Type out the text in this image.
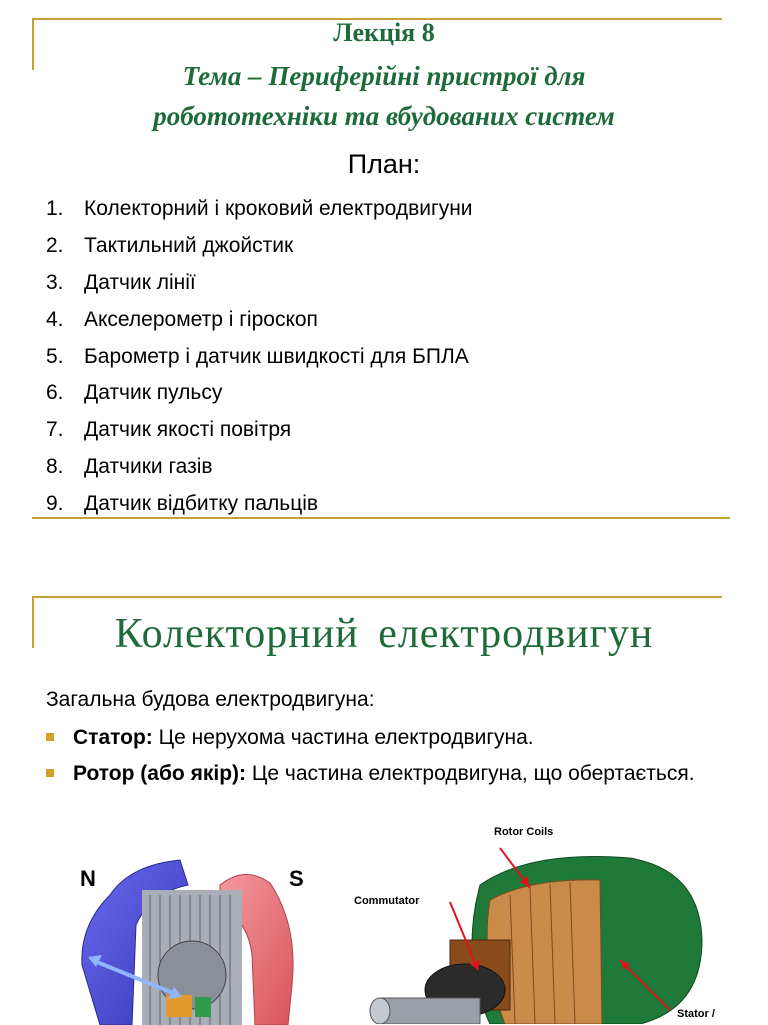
Лекція 8
Тема – Периферійні пристрої для
робототехніки та вбудованих систем
План:
1. Колекторний і кроковий електродвигуни
2. Тактильний джойстик
3. Датчик лінії
4. Акселерометр і гіроскоп
5. Барометр і датчик швидкості для БПЛА
6. Датчик пульсу
7. Датчик якості повітря
8. Датчики газів
9. Датчик відбитку пальців
Колекторний електродвигун
Загальна будова електродвигуна:
Статор: Це нерухома частина електродвигуна.
Ротор (або якір): Це частина електродвигуна, що обертається.
N	S
Rotor Coils
Commutator
Stator /
